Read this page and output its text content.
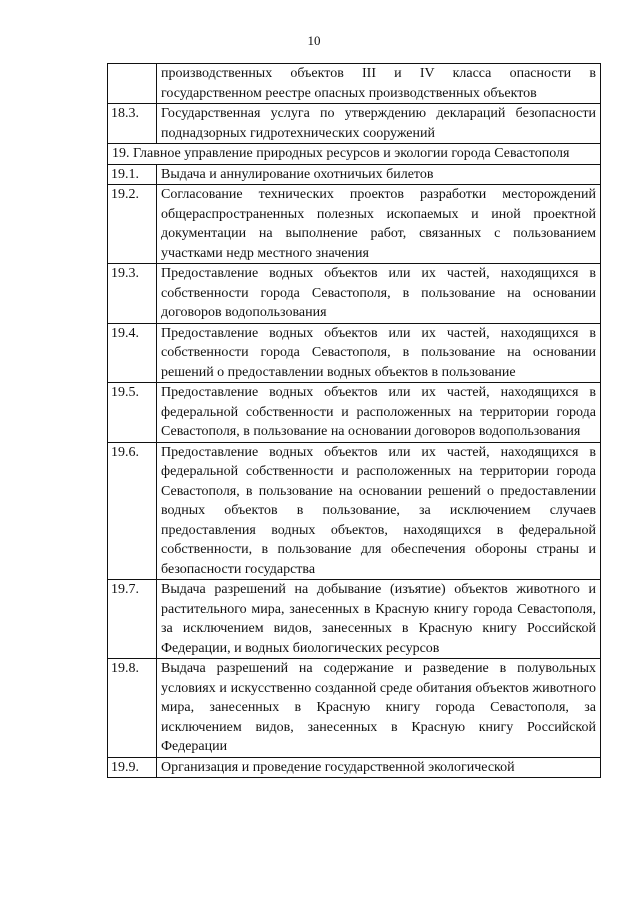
10
	производственных объектов III и IV класса опасности в государственном реестре опасных производственных объектов
18.3.	Государственная услуга по утверждению деклараций безопасности поднадзорных гидротехнических сооружений
19. Главное управление природных ресурсов и экологии города Севастополя	
19.1.	Выдача и аннулирование охотничьих билетов
19.2.	Согласование технических проектов разработки месторождений общераспространенных полезных ископаемых и иной проектной документации на выполнение работ, связанных с пользованием участками недр местного значения
19.3.	Предоставление водных объектов или их частей, находящихся в собственности города Севастополя, в пользование на основании договоров водопользования
19.4.	Предоставление водных объектов или их частей, находящихся в собственности города Севастополя, в пользование на основании решений о предоставлении водных объектов в пользование
19.5.	Предоставление водных объектов или их частей, находящихся в федеральной собственности и расположенных на территории города Севастополя, в пользование на основании договоров водопользования
19.6.	Предоставление водных объектов или их частей, находящихся в федеральной собственности и расположенных на территории города Севастополя, в пользование на основании решений о предоставлении водных объектов в пользование, за исключением случаев предоставления водных объектов, находящихся в федеральной собственности, в пользование для обеспечения обороны страны и безопасности государства
19.7.	Выдача разрешений на добывание (изъятие) объектов животного и растительного мира, занесенных в Красную книгу города Севастополя, за исключением видов, занесенных в Красную книгу Российской Федерации, и водных биологических ресурсов
19.8.	Выдача разрешений на содержание и разведение в полувольных условиях и искусственно созданной среде обитания объектов животного мира, занесенных в Красную книгу города Севастополя, за исключением видов, занесенных в Красную книгу Российской Федерации
19.9.	Организация и проведение государственной экологической
